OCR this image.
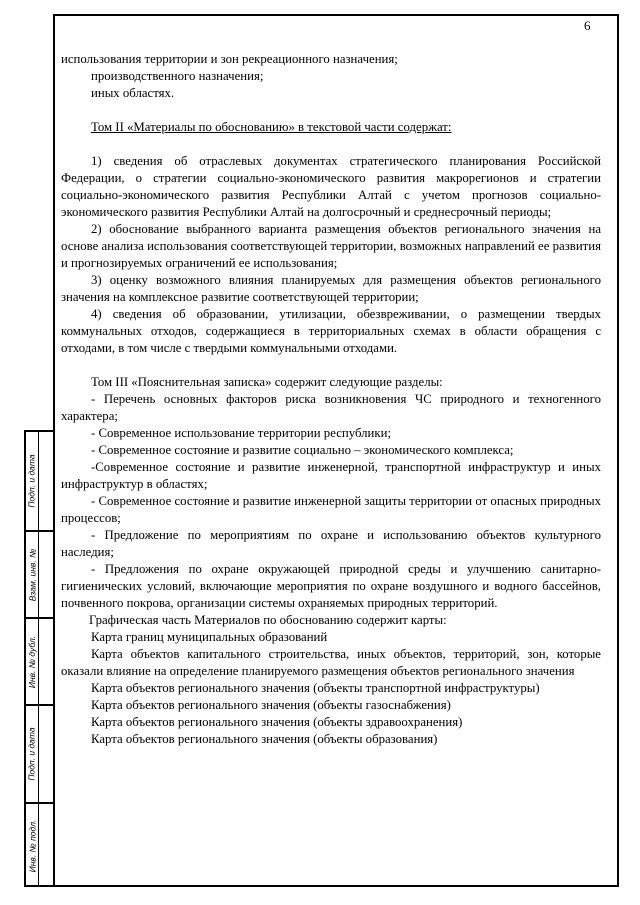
Подп. и дата
Взам. инв. №
Инв. № дубл.
Подп. и дата
Инв. № подл.
6

использования территории и зон рекреационного назначения;

производственного назначения;

иных областях.

Том II «Материалы по обоснованию» в текстовой части содержат:

1) сведения об отраслевых документах стратегического планирования Российской Федерации, о стратегии социально-экономического развития макрорегионов и стратегии социально-экономического развития Республики Алтай с учетом прогнозов социально-экономического развития Республики Алтай на долгосрочный и среднесрочный периоды;

2) обоснование выбранного варианта размещения объектов регионального значения на основе анализа использования соответствующей территории, возможных направлений ее развития и прогнозируемых ограничений ее использования;

3) оценку возможного влияния планируемых для размещения объектов регионального значения на комплексное развитие соответствующей территории;

4) сведения об образовании, утилизации, обезвреживании, о размещении твердых коммунальных отходов, содержащиеся в территориальных схемах в области обращения с отходами, в том числе с твердыми коммунальными отходами.

Том III «Пояснительная записка» содержит следующие разделы:

- Перечень основных факторов риска возникновения ЧС природного и техногенного характера;

- Современное использование территории республики;

- Современное состояние и развитие социально – экономического комплекса;

-Современное состояние и развитие инженерной, транспортной инфраструктур и иных инфраструктур в областях;

- Современное состояние и развитие инженерной защиты территории от опасных природных процессов;

- Предложение по мероприятиям по охране и использованию объектов культурного наследия;

- Предложения по охране окружающей природной среды и улучшению санитарно-гигиенических условий, включающие мероприятия по охране воздушного и водного бассейнов, почвенного покрова, организации системы охраняемых природных территорий.

Графическая часть Материалов по обоснованию содержит карты:

Карта границ муниципальных образований

Карта объектов капитального строительства, иных объектов, территорий, зон, которые оказали влияние на определение планируемого размещения объектов регионального значения

Карта объектов регионального значения (объекты транспортной инфраструктуры)

Карта объектов регионального значения (объекты газоснабжения)

Карта объектов регионального значения (объекты здравоохранения)

Карта объектов регионального значения (объекты образования)
